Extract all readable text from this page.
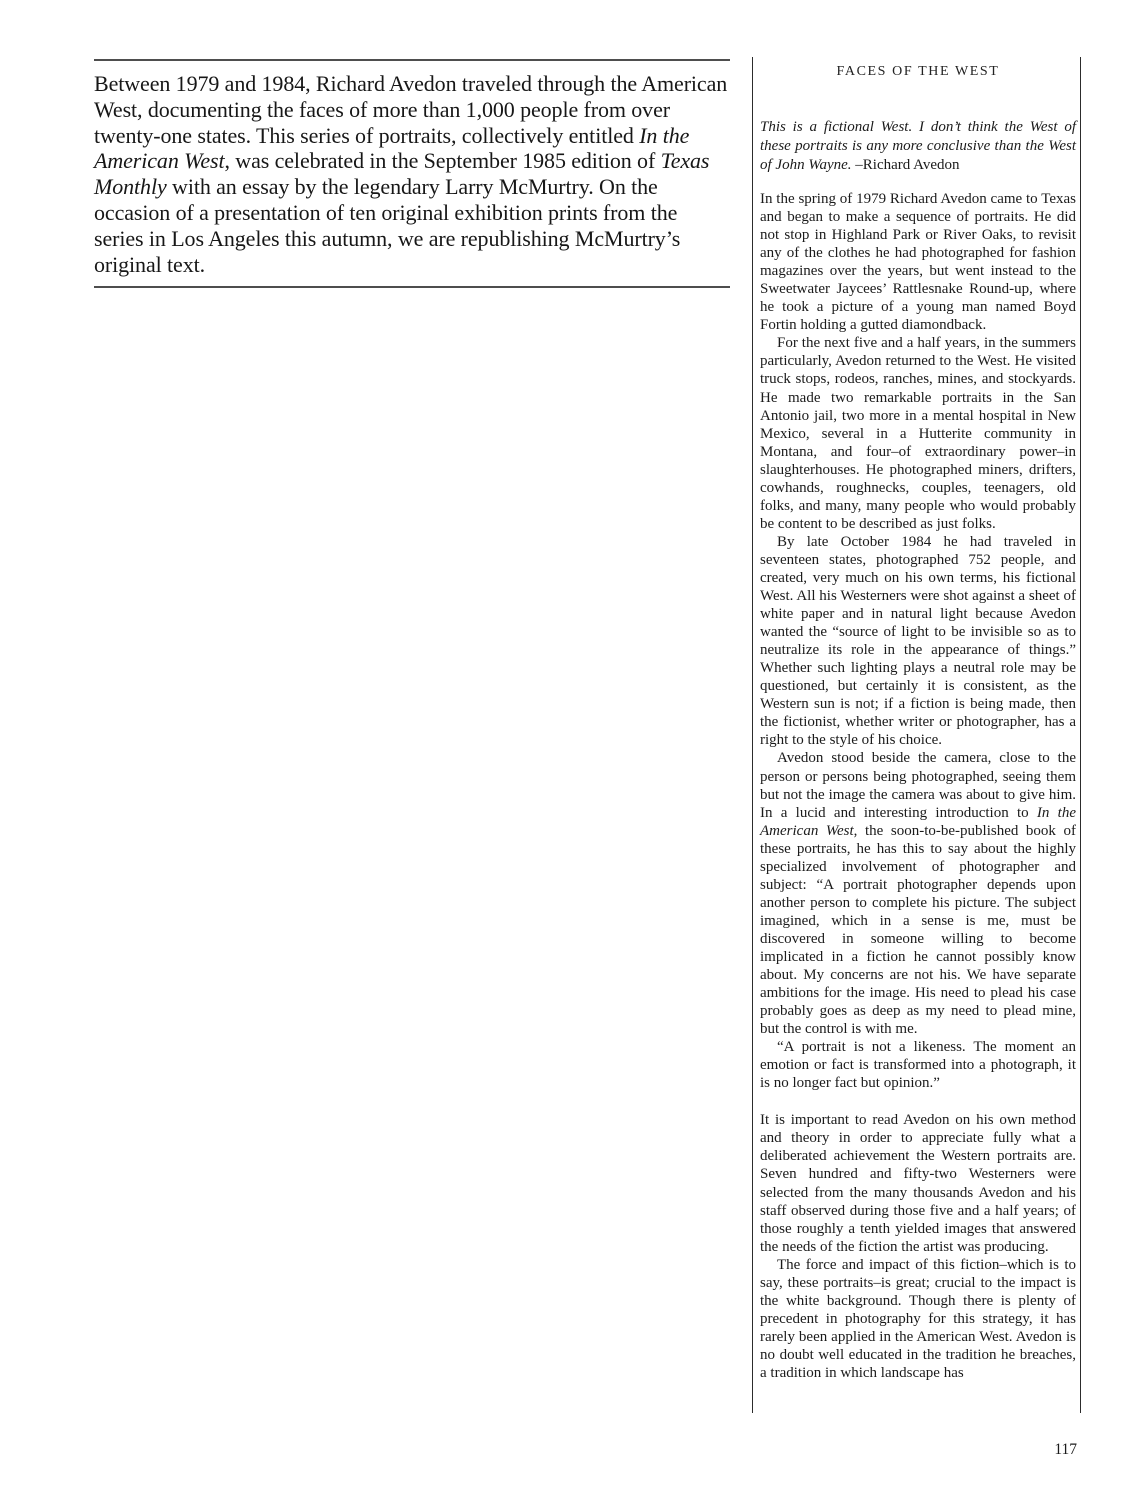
Between 1979 and 1984, Richard Avedon traveled through the American West, documenting the faces of more than 1,000 people from over twenty-one states. This series of portraits, collectively entitled In the American West, was celebrated in the September 1985 edition of Texas Monthly with an essay by the legendary Larry McMurtry. On the occasion of a presentation of ten original exhibition prints from the series in Los Angeles this autumn, we are republishing McMurtry’s original text.

FACES OF THE WEST

This is a fictional West. I don’t think the West of these portraits is any more conclusive than the West of John Wayne. –Richard Avedon

In the spring of 1979 Richard Avedon came to Texas and began to make a sequence of portraits. He did not stop in Highland Park or River Oaks, to revisit any of the clothes he had photographed for fashion magazines over the years, but went instead to the Sweetwater Jaycees’ Rattlesnake Round-up, where he took a picture of a young man named Boyd Fortin holding a gutted diamondback.

For the next five and a half years, in the summers particularly, Avedon returned to the West. He visited truck stops, rodeos, ranches, mines, and stockyards. He made two remarkable portraits in the San Antonio jail, two more in a mental hospital in New Mexico, several in a Hutterite community in Montana, and four–of extraordinary power–in slaughterhouses. He photographed miners, drifters, cowhands, roughnecks, couples, teenagers, old folks, and many, many people who would probably be content to be described as just folks.

By late October 1984 he had traveled in seventeen states, photographed 752 people, and created, very much on his own terms, his fictional West. All his Westerners were shot against a sheet of white paper and in natural light because Avedon wanted the “source of light to be invisible so as to neutralize its role in the appearance of things.” Whether such lighting plays a neutral role may be questioned, but certainly it is consistent, as the Western sun is not; if a fiction is being made, then the fictionist, whether writer or photographer, has a right to the style of his choice.

Avedon stood beside the camera, close to the person or persons being photographed, seeing them but not the image the camera was about to give him. In a lucid and interesting introduction to In the American West, the soon-to-be-published book of these portraits, he has this to say about the highly specialized involvement of photographer and subject: “A portrait photographer depends upon another person to complete his picture. The subject imagined, which in a sense is me, must be discovered in someone willing to become implicated in a fiction he cannot possibly know about. My concerns are not his. We have separate ambitions for the image. His need to plead his case probably goes as deep as my need to plead mine, but the control is with me.

“A portrait is not a likeness. The moment an emotion or fact is transformed into a photograph, it is no longer fact but opinion.”

It is important to read Avedon on his own method and theory in order to appreciate fully what a deliberated achievement the Western portraits are. Seven hundred and fifty-two Westerners were selected from the many thousands Avedon and his staff observed during those five and a half years; of those roughly a tenth yielded images that answered the needs of the fiction the artist was producing.

The force and impact of this fiction–which is to say, these portraits–is great; crucial to the impact is the white background. Though there is plenty of precedent in photography for this strategy, it has rarely been applied in the American West. Avedon is no doubt well educated in the tradition he breaches, a tradition in which landscape has

117
